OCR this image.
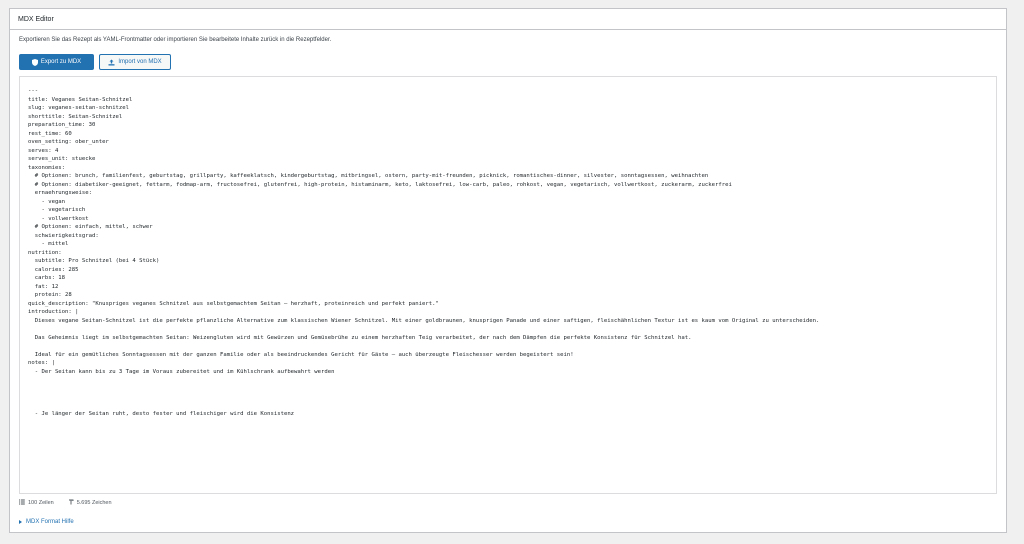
MDX Editor
Exportieren Sie das Rezept als YAML-Frontmatter oder importieren Sie bearbeitete Inhalte zurück in die Rezeptfelder.
Export zu MDX	Import von MDX
---
title: Veganes Seitan-Schnitzel
slug: veganes-seitan-schnitzel
shorttitle: Seitan-Schnitzel
preparation_time: 30
rest_time: 60
oven_setting: ober_unter
serves: 4
serves_unit: stuecke
taxonomies:
# Optionen: brunch, familienfest, geburtstag, grillparty, kaffeeklatsch, kindergeburtstag, mitbringsel, ostern, party-mit-freunden, picknick, romantisches-dinner, silvester, sonntagsessen, weihnachten
# Optionen: diabetiker-geeignet, fettarm, fodmap-arm, fructosefrei, glutenfrei, high-protein, histaminarm, keto, laktosefrei, low-carb, paleo, rohkost, vegan, vegetarisch, vollwertkost, zuckerarm, zuckerfrei
ernaehrungsweise:
- vegan
- vegetarisch
- vollwertkost
# Optionen: einfach, mittel, schwer
schwierigkeitsgrad:
- mittel
nutrition:
subtitle: Pro Schnitzel (bei 4 Stück)
calories: 285
carbs: 18
fat: 12
protein: 28
quick_description: "Knuspriges veganes Schnitzel aus selbstgemachtem Seitan – herzhaft, proteinreich und perfekt paniert."
introduction: |
Dieses vegane Seitan-Schnitzel ist die perfekte pflanzliche Alternative zum klassischen Wiener Schnitzel. Mit einer goldbraunen, knusprigen Panade und einer saftigen, fleischähnlichen Textur ist es kaum vom Original zu unterscheiden.
Das Geheimnis liegt im selbstgemachten Seitan: Weizengluten wird mit Gewürzen und Gemüsebrühe zu einem herzhaften Teig verarbeitet, der nach dem Dämpfen die perfekte Konsistenz für Schnitzel hat.
Ideal für ein gemütliches Sonntagsessen mit der ganzen Familie oder als beeindruckendes Gericht für Gäste – auch überzeugte Fleischesser werden begeistert sein!
notes: |
- Der Seitan kann bis zu 3 Tage im Voraus zubereitet und im Kühlschrank aufbewahrt werden
- Je länger der Seitan ruht, desto fester und fleischiger wird die Konsistenz
100 Zeilen	5.695 Zeichen
MDX Format Hilfe
